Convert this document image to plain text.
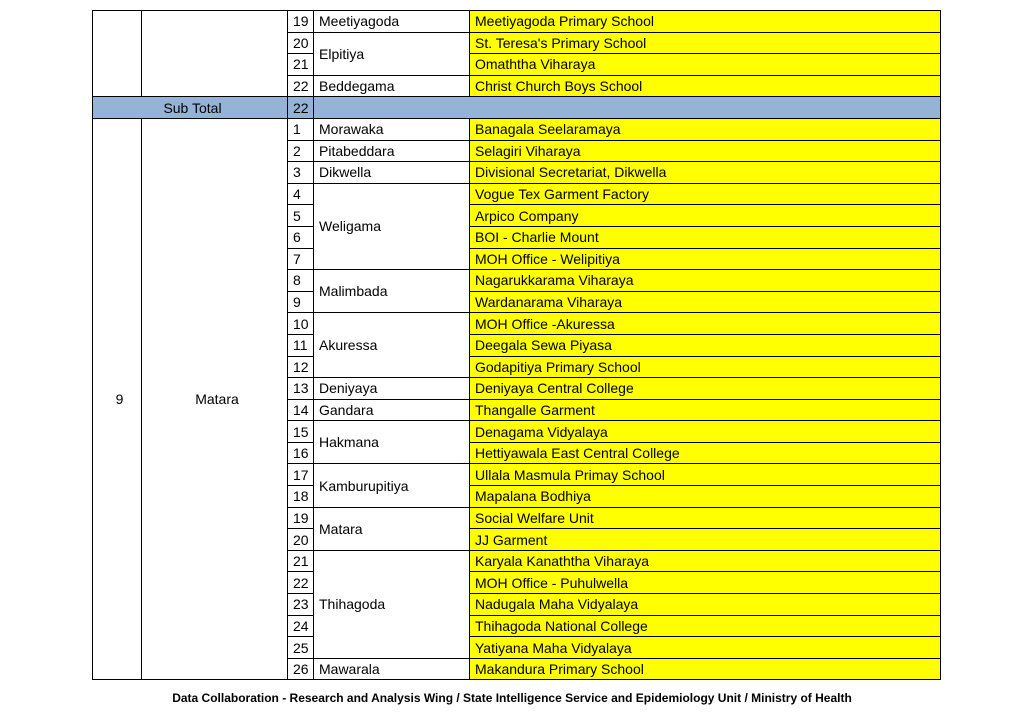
		19	Meetiyagoda	Meetiyagoda Primary School
		20	Elpitiya	St. Teresa's Primary School
		21		Omaththa Viharaya
		22	Beddegama	Christ Church Boys School
Sub Total		22		
9	Matara	1	Morawaka	Banagala Seelaramaya
		2	Pitabeddara	Selagiri Viharaya
		3	Dikwella	Divisional Secretariat, Dikwella
		4	Weligama	Vogue Tex Garment Factory
		5		Arpico Company
		6		BOI - Charlie Mount
		7		MOH Office - Welipitiya
		8	Malimbada	Nagarukkarama Viharaya
		9		Wardanarama Viharaya
		10	Akuressa	MOH Office -Akuressa
		11		Deegala Sewa Piyasa
		12		Godapitiya Primary School
		13	Deniyaya	Deniyaya Central College
		14	Gandara	Thangalle Garment
		15	Hakmana	Denagama Vidyalaya
		16		Hettiyawala East Central College
		17	Kamburupitiya	Ullala Masmula Primay School
		18		Mapalana Bodhiya
		19	Matara	Social Welfare Unit
		20		JJ Garment
		21	Thihagoda	Karyala Kanaththa Viharaya
		22		MOH Office - Puhulwella
		23		Nadugala Maha Vidyalaya
		24		Thihagoda National College
		25		Yatiyana Maha Vidyalaya
		26	Mawarala	Makandura Primary School
Data Collaboration - Research and Analysis Wing / State Intelligence Service and Epidemiology Unit / Ministry of Health
